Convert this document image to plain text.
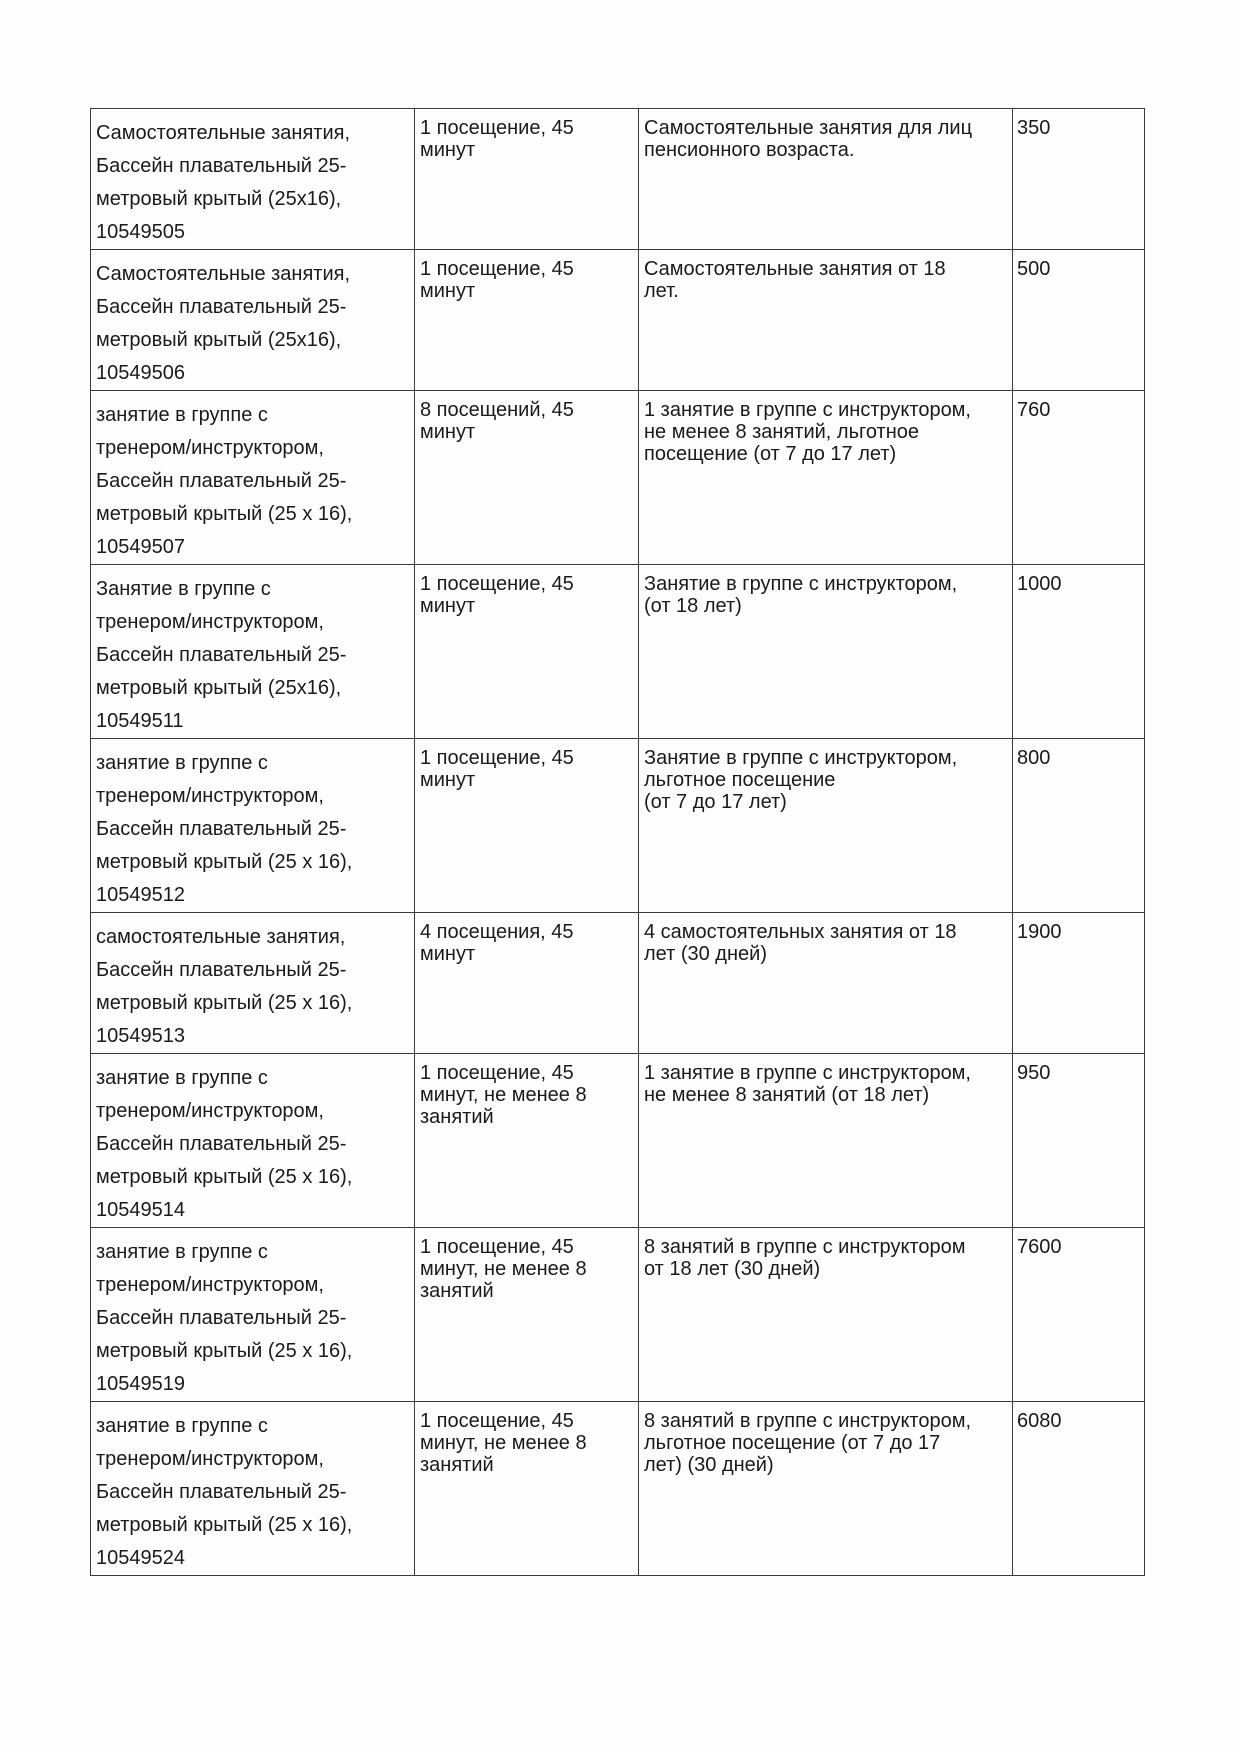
Самостоятельные занятия,
Бассейн плавательный 25-
метровый крытый (25x16),
10549505	1 посещение, 45
минут	Самостоятельные занятия для лиц
пенсионного возраста.	350

Самостоятельные занятия,
Бассейн плавательный 25-
метровый крытый (25x16),
10549506	1 посещение, 45
минут	Самостоятельные занятия от 18
лет.	500

занятие в группе с
тренером/инструктором,
Бассейн плавательный 25-
метровый крытый (25 х 16),
10549507	8 посещений, 45
минут	1 занятие в группе с инструктором,
не менее 8 занятий, льготное
посещение (от 7 до 17 лет)	760

Занятие в группе с
тренером/инструктором,
Бассейн плавательный 25-
метровый крытый (25x16),
10549511	1 посещение, 45
минут	Занятие в группе с инструктором,
(от 18 лет)	1000

занятие в группе с
тренером/инструктором,
Бассейн плавательный 25-
метровый крытый (25 х 16),
10549512	1 посещение, 45
минут	Занятие в группе с инструктором,
льготное посещение
(от 7 до 17 лет)	800

самостоятельные занятия,
Бассейн плавательный 25-
метровый крытый (25 х 16),
10549513	4 посещения, 45
минут	4 самостоятельных занятия от 18
лет (30 дней)	1900

занятие в группе с
тренером/инструктором,
Бассейн плавательный 25-
метровый крытый (25 х 16),
10549514	1 посещение, 45
минут, не менее 8
занятий	1 занятие в группе с инструктором,
не менее 8 занятий (от 18 лет)	950

занятие в группе с
тренером/инструктором,
Бассейн плавательный 25-
метровый крытый (25 х 16),
10549519	1 посещение, 45
минут, не менее 8
занятий	8 занятий в группе с инструктором
от 18 лет (30 дней)	7600

занятие в группе с
тренером/инструктором,
Бассейн плавательный 25-
метровый крытый (25 х 16),
10549524	1 посещение, 45
минут, не менее 8
занятий	8 занятий в группе с инструктором,
льготное посещение (от 7 до 17
лет) (30 дней)	6080
